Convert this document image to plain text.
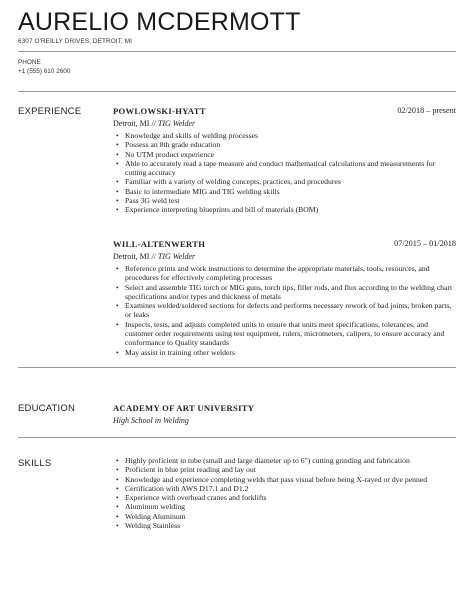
AURELIO MCDERMOTT
6307 O'REILLY DRIVES, DETROIT, MI
PHONE
+1 (555) 610 2600
EXPERIENCE	POWLOWSKI-HYATT	02/2018 – present
Detroit, MI // TIG Welder
• Knowledge and skills of welding processes
• Possess an 8th grade education
• No UTM product experience
• Able to accurately read a tape measure and conduct mathematical calculations and measurements for cutting accuracy
• Familiar with a variety of welding concepts, practices, and procedures
• Basic to intermediate MIG and TIG welding skills
• Pass 3G weld test
• Experience interpreting blueprints and bill of materials (BOM)
WILL-ALTENWERTH	07/2015 – 01/2018
Detroit, MI // TIG Welder
• Reference prints and work instructions to determine the appropriate materials, tools, resources, and procedures for effectively completing processes
• Select and assemble TIG torch or MIG guns, torch tips, filler rods, and flux according to the welding chart specifications and/or types and thickness of metals
• Examines welded/soldered sections for defects and performs necessary rework of bad joints, broken parts, or leaks
• Inspects, tests, and adjusts completed units to ensure that units meet specifications, tolerances, and customer order requirements using test equipment, rulers, micrometers, calipers, to ensure accuracy and conformance to Quality standards
• May assist in training other welders
EDUCATION	ACADEMY OF ART UNIVERSITY
High School in Welding
SKILLS
•	Highly proficient in tube (small and large diameter up to 6") cutting grinding and fabrication
• Proficient in blue print reading and lay out
• Knowledge and experience completing welds that pass visual before being X-rayed or dye penned
• Certification with AWS D17.1 and D1.2
• Experience with overhead cranes and forklifts
• Aluminum welding
• Welding Aluminum
• Welding Stainless
